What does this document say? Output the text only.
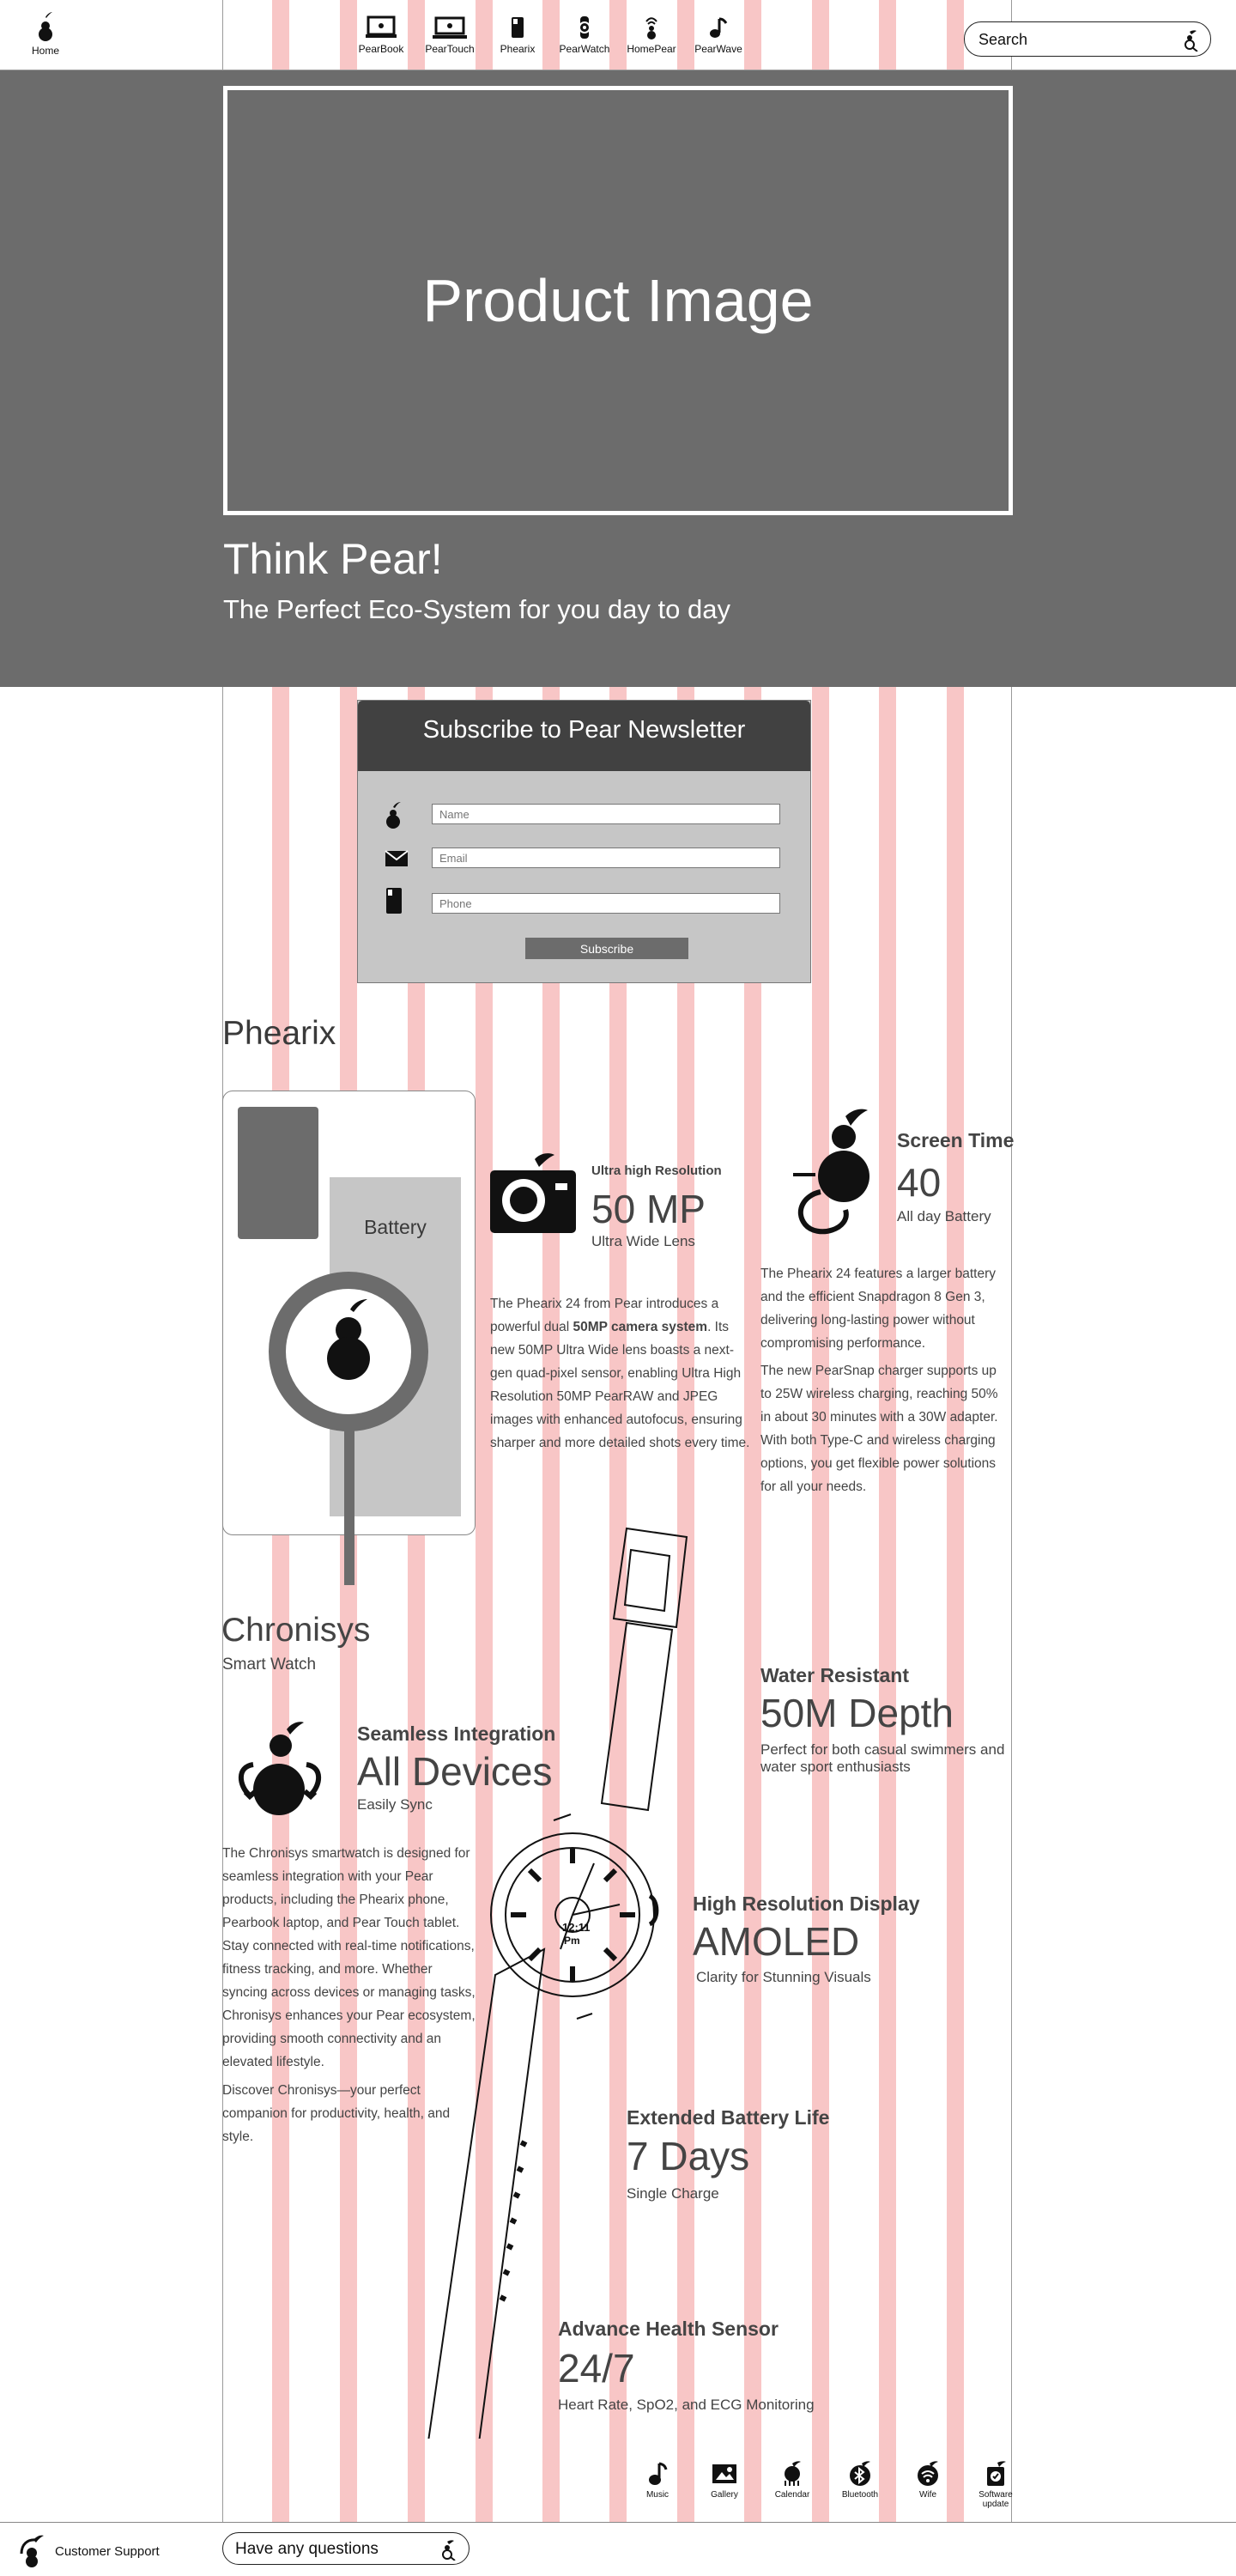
Home	PearBook	PearTouch	Phearix	PearWatch HomePear PearWave
Search
Product Image
Think Pear!
The Perfect Eco-System for you day to day
Subscribe to Pear Newsletter
Name
Email
Phone
Subscribe
Phearix
Battery
Ultra high Resolution
50 MP
Ultra Wide Lens
The Phearix 24 from Pear introduces a powerful dual 50MP camera system. Its new 50MP Ultra Wide lens boasts a next-gen quad-pixel sensor, enabling Ultra High Resolution 50MP PearRAW and JPEG images with enhanced autofocus, ensuring sharper and more detailed shots every time.
Screen Time
40
All day Battery

The Phearix 24 features a larger battery and the efficient Snapdragon 8 Gen 3, delivering long-lasting power without compromising performance.

The new PearSnap charger supports up to 25W wireless charging, reaching 50% in about 30 minutes with a 30W adapter. With both Type-C and wireless charging options, you get flexible power solutions for all your needs.

Chronisys
Smart Watch
Seamless Integration
All Devices
Easily Sync

The Chronisys smartwatch is designed for seamless integration with your Pear products, including the Phearix phone, Pearbook laptop, and Pear Touch tablet. Stay connected with real-time notifications, fitness tracking, and more. Whether syncing across devices or managing tasks, Chronisys enhances your Pear ecosystem, providing smooth connectivity and an elevated lifestyle.

Discover Chronisys—your perfect companion for productivity, health, and style.

12:11
Pm
Water Resistant
50M Depth
Perfect for both casual swimmers and water sport enthusiasts
High Resolution Display
AMOLED
Clarity for Stunning Visuals
Extended Battery Life
7 Days
Single Charge
Advance Health Sensor
24/7
Heart Rate, SpO2, and ECG Monitoring
Music	Gallery	Calendar	Bluetooth	Wife	Software update
Customer Support
Have any questions
